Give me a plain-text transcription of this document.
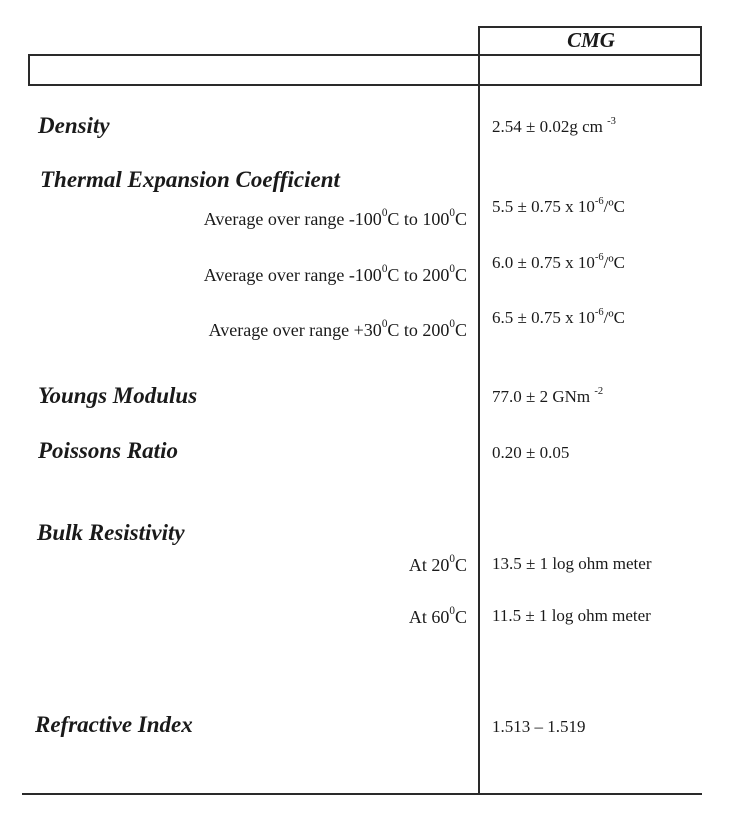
CMG
Density
Thermal Expansion Coefficient
Youngs Modulus
Poissons Ratio
Bulk Resistivity
Refractive Index
Average over range $-100^0C$ to $100^0C$
Average over range $-100^0C$ to $200^0C$
Average over range $+30^0C$ to $200^0C$
At $20^0C$
At $60^0C$
2.54 ± 0.02g cm $^{-3}$
5.5 ± 0.75 x $10^{-6}/ºC$
6.0 ± 0.75 x $10^{-6}/ºC$
6.5 ± 0.75 x $10^{-6}/ºC$
77.0 ± 2 GNm $^{-2}$
0.20 ± 0.05
13.5 ± 1 log ohm meter
11.5 ± 1 log ohm meter
1.513 – 1.519
